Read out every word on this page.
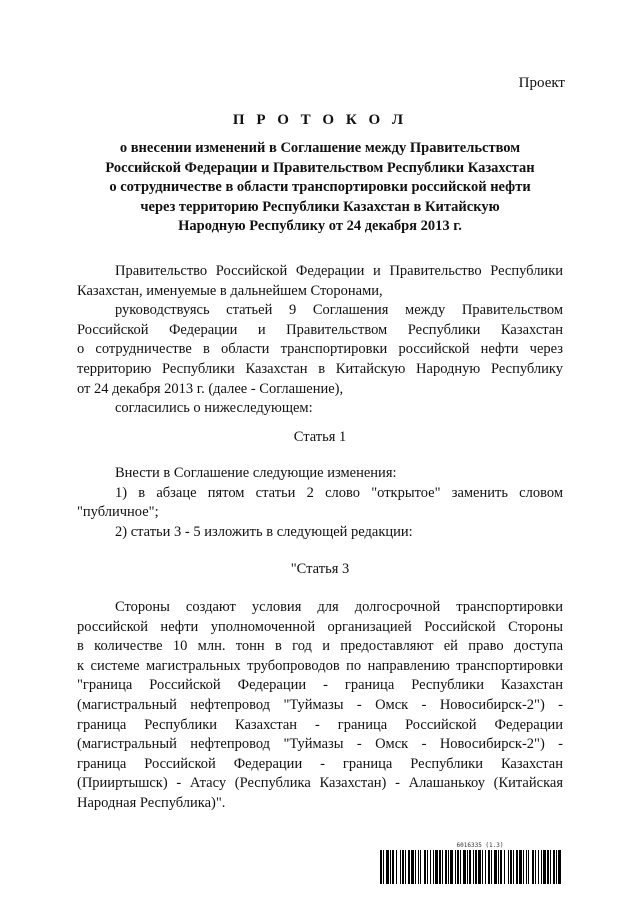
Проект
П Р О Т О К О Л
о внесении изменений в Соглашение между Правительством
Российской Федерации и Правительством Республики Казахстан
о сотрудничестве в области транспортировки российской нефти
через территорию Республики Казахстан в Китайскую
Народную Республику от 24 декабря 2013 г.
Правительство Российской Федерации и Правительство Республики
Казахстан, именуемые в дальнейшем Сторонами,
руководствуясь статьей 9 Соглашения между Правительством
Российской Федерации и Правительством Республики Казахстан
о сотрудничестве в области транспортировки российской нефти через
территорию Республики Казахстан в Китайскую Народную Республику
от 24 декабря 2013 г. (далее - Соглашение),
согласились о нижеследующем:
Статья 1
Внести в Соглашение следующие изменения:
1) в абзаце пятом статьи 2 слово "открытое" заменить словом
"публичное";
2) статьи 3 - 5 изложить в следующей редакции:
"Статья 3
Стороны создают условия для долгосрочной транспортировки
российской нефти уполномоченной организацией Российской Стороны
в количестве 10 млн. тонн в год и предоставляют ей право доступа
к системе магистральных трубопроводов по направлению транспортировки
"граница Российской Федерации - граница Республики Казахстан
(магистральный нефтепровод "Туймазы - Омск - Новосибирск-2") -
граница Республики Казахстан - граница Российской Федерации
(магистральный нефтепровод "Туймазы - Омск - Новосибирск-2") -
граница Российской Федерации - граница Республики Казахстан
(Прииртышск) - Атасу (Республика Казахстан) - Алашанькоу (Китайская
Народная Республика)".
6016335 (1.3)
